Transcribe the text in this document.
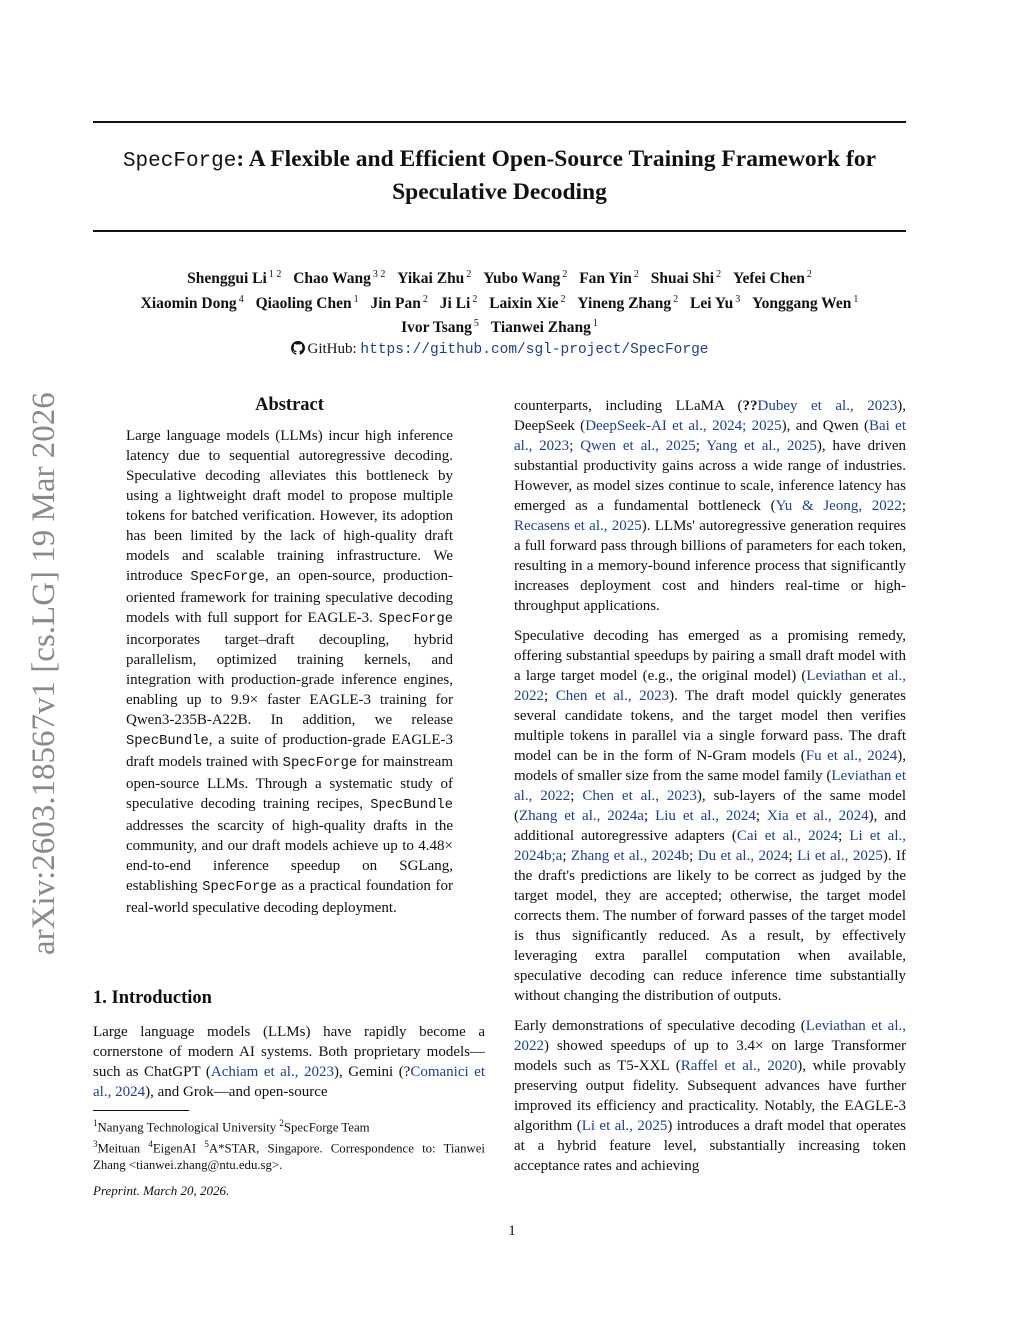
arXiv:2603.18567v1 [cs.LG] 19 Mar 2026
SpecForge: A Flexible and Efficient Open-Source Training Framework for
Speculative Decoding
Shenggui Li $^{1 2}$ Chao Wang $^{3 2}$ Yikai Zhu $^2$ Yubo Wang $^2$ Fan Yin $^2$ Shuai Shi $^2$ Yefei Chen $^2$
Xiaomin Dong $^4$ Qiaoling Chen $^1$ Jin Pan $^2$ Ji Li $^2$ Laixin Xie $^2$ Yineng Zhang $^2$ Lei Yu $^3$ Yonggang Wen $^1$
Ivor Tsang $^5$ Tianwei Zhang $^1$
GitHub: https://github.com/sgl-project/SpecForge
Abstract

Large language models (LLMs) incur high inference latency due to sequential autoregressive decoding. Speculative decoding alleviates this bottleneck by using a lightweight draft model to propose multiple tokens for batched verification. However, its adoption has been limited by the lack of high-quality draft models and scalable training infrastructure. We introduce SpecForge, an open-source, production-oriented framework for training speculative decoding models with full support for EAGLE-3. SpecForge incorporates target–draft decoupling, hybrid parallelism, optimized training kernels, and integration with production-grade inference engines, enabling up to 9.9× faster EAGLE-3 training for Qwen3-235B-A22B. In addition, we release SpecBundle, a suite of production-grade EAGLE-3 draft models trained with SpecForge for mainstream open-source LLMs. Through a systematic study of speculative decoding training recipes, SpecBundle addresses the scarcity of high-quality drafts in the community, and our draft models achieve up to 4.48× end-to-end inference speedup on SGLang, establishing SpecForge as a practical foundation for real-world speculative decoding deployment.

1. Introduction

Large language models (LLMs) have rapidly become a cornerstone of modern AI systems. Both proprietary models—such as ChatGPT (Achiam et al., 2023), Gemini (?Comanici et al., 2024), and Grok—and open-source

$^1$Nanyang Technological University $^2$SpecForge Team
$^3$Meituan $^4$EigenAI $^5$A*STAR, Singapore. Correspondence to: Tianwei Zhang <tianwei.zhang@ntu.edu.sg>.

Preprint. March 20, 2026.

counterparts, including LLaMA (??Dubey et al., 2023), DeepSeek (DeepSeek-AI et al., 2024; 2025), and Qwen (Bai et al., 2023; Qwen et al., 2025; Yang et al., 2025), have driven substantial productivity gains across a wide range of industries. However, as model sizes continue to scale, inference latency has emerged as a fundamental bottleneck (Yu & Jeong, 2022; Recasens et al., 2025). LLMs' autoregressive generation requires a full forward pass through billions of parameters for each token, resulting in a memory-bound inference process that significantly increases deployment cost and hinders real-time or high-throughput applications.

Speculative decoding has emerged as a promising remedy, offering substantial speedups by pairing a small draft model with a large target model (e.g., the original model) (Leviathan et al., 2022; Chen et al., 2023). The draft model quickly generates several candidate tokens, and the target model then verifies multiple tokens in parallel via a single forward pass. The draft model can be in the form of N-Gram models (Fu et al., 2024), models of smaller size from the same model family (Leviathan et al., 2022; Chen et al., 2023), sub-layers of the same model (Zhang et al., 2024a; Liu et al., 2024; Xia et al., 2024), and additional autoregressive adapters (Cai et al., 2024; Li et al., 2024b;a; Zhang et al., 2024b; Du et al., 2024; Li et al., 2025). If the draft's predictions are likely to be correct as judged by the target model, they are accepted; otherwise, the target model corrects them. The number of forward passes of the target model is thus significantly reduced. As a result, by effectively leveraging extra parallel computation when available, speculative decoding can reduce inference time substantially without changing the distribution of outputs.

Early demonstrations of speculative decoding (Leviathan et al., 2022) showed speedups of up to 3.4× on large Transformer models such as T5-XXL (Raffel et al., 2020), while provably preserving output fidelity. Subsequent advances have further improved its efficiency and practicality. Notably, the EAGLE-3 algorithm (Li et al., 2025) introduces a draft model that operates at a hybrid feature level, substantially increasing token acceptance rates and achieving

1
